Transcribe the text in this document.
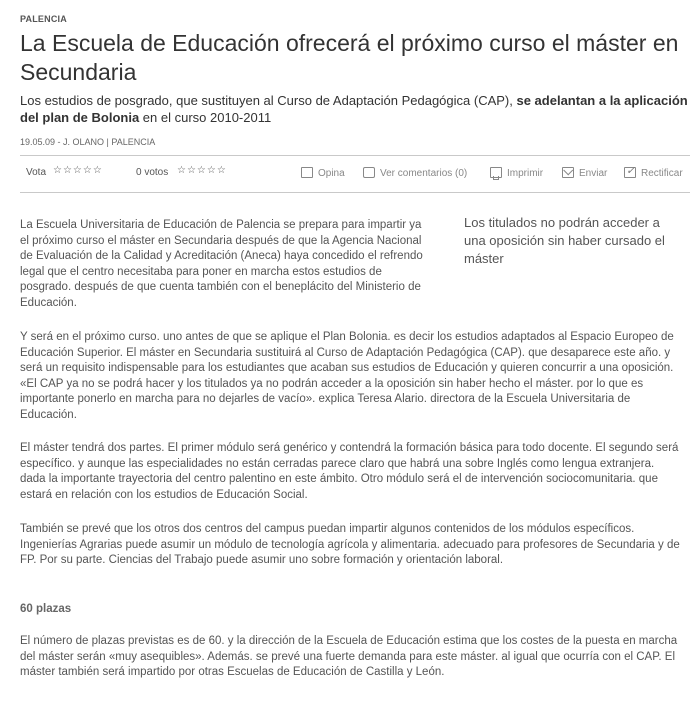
PALENCIA
La Escuela de Educación ofrecerá el próximo curso el máster en Secundaria

Los estudios de posgrado, que sustituyen al Curso de Adaptación Pedagógica (CAP), se adelantan a la aplicación del plan de Bolonia en el curso 2010-2011

19.05.09 - J. OLANO | PALENCIA
Vota ☆☆☆☆☆	0 votos ☆☆☆☆☆	Opina	Ver comentarios (0)	Imprimir	Enviar
✓	Rectificar

Los titulados no podrán acceder a una oposición sin haber cursado el máster

La Escuela Universitaria de Educación de Palencia se prepara para impartir ya el próximo curso el máster en Secundaria después de que la Agencia Nacional de Evaluación de la Calidad y Acreditación (Aneca) haya concedido el refrendo legal que el centro necesitaba para poner en marcha estos estudios de posgrado. después de que cuenta también con el beneplácito del Ministerio de Educación.

Y será en el próximo curso. uno antes de que se aplique el Plan Bolonia. es decir los estudios adaptados al Espacio Europeo de Educación Superior. El máster en Secundaria sustituirá al Curso de Adaptación Pedagógica (CAP). que desaparece este año. y será un requisito indispensable para los estudiantes que acaban sus estudios de Educación y quieren concurrir a una oposición. «El CAP ya no se podrá hacer y los titulados ya no podrán acceder a la oposición sin haber hecho el máster. por lo que es importante ponerlo en marcha para no dejarles de vacío». explica Teresa Alario. directora de la Escuela Universitaria de Educación.

El máster tendrá dos partes. El primer módulo será genérico y contendrá la formación básica para todo docente. El segundo será específico. y aunque las especialidades no están cerradas parece claro que habrá una sobre Inglés como lengua extranjera. dada la importante trayectoria del centro palentino en este ámbito. Otro módulo será el de intervención sociocomunitaria. que estará en relación con los estudios de Educación Social.

También se prevé que los otros dos centros del campus puedan impartir algunos contenidos de los módulos específicos. Ingenierías Agrarias puede asumir un módulo de tecnología agrícola y alimentaria. adecuado para profesores de Secundaria y de FP. Por su parte. Ciencias del Trabajo puede asumir uno sobre formación y orientación laboral.

60 plazas

El número de plazas previstas es de 60. y la dirección de la Escuela de Educación estima que los costes de la puesta en marcha del máster serán «muy asequibles». Además. se prevé una fuerte demanda para este máster. al igual que ocurría con el CAP. El máster también será impartido por otras Escuelas de Educación de Castilla y León.
